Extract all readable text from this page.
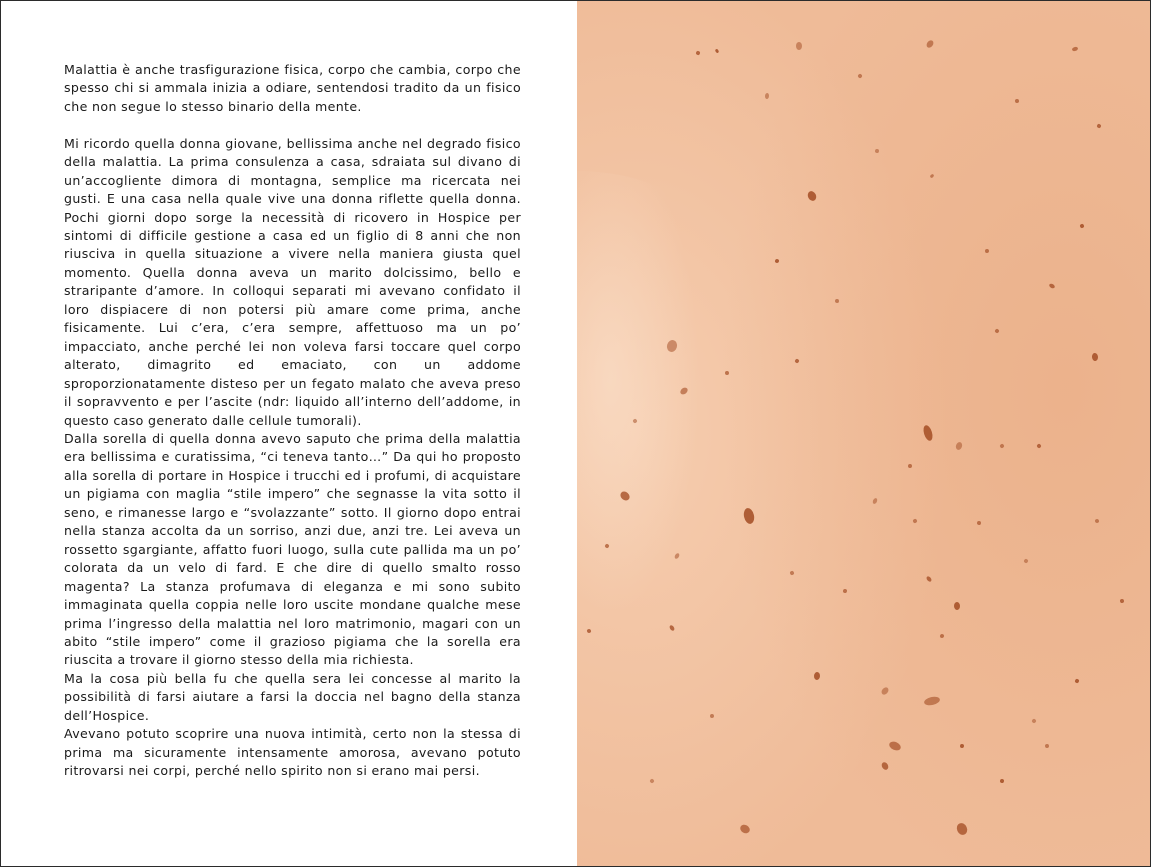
Malattia è anche trasfigurazione fisica, corpo che cambia, corpo che spesso chi si ammala inizia a odiare, sentendosi tradito da un fisico che non segue lo stesso binario della mente.

Mi ricordo quella donna giovane, bellissima anche nel degrado fisico della malattia. La prima consulenza a casa, sdraiata sul divano di un’accogliente dimora di montagna, semplice ma ricercata nei gusti. E una casa nella quale vive una donna riflette quella donna. Pochi giorni dopo sorge la necessità di ricovero in Hospice per sintomi di difficile gestione a casa ed un figlio di 8 anni che non riusciva in quella situazione a vivere nella maniera giusta quel momento. Quella donna aveva un marito dolcissimo, bello e straripante d’amore. In colloqui separati mi avevano confidato il loro dispiacere di non potersi più amare come prima, anche fisicamente. Lui c’era, c’era sempre, affettuoso ma un po’ impacciato, anche perché lei non voleva farsi toccare quel corpo alterato, dimagrito ed emaciato, con un addome sproporzionatamente disteso per un fegato malato che aveva preso il sopravvento e per l’ascite (ndr: liquido all’interno dell’addome, in questo caso generato dalle cellule tumorali).

Dalla sorella di quella donna avevo saputo che prima della malattia era bellissima e curatissima, “ci teneva tanto…” Da qui ho proposto alla sorella di portare in Hospice i trucchi ed i profumi, di acquistare un pigiama con maglia “stile impero” che segnasse la vita sotto il seno, e rimanesse largo e “svolazzante” sotto. Il giorno dopo entrai nella stanza accolta da un sorriso, anzi due, anzi tre. Lei aveva un rossetto sgargiante, affatto fuori luogo, sulla cute pallida ma un po’ colorata da un velo di fard. E che dire di quello smalto rosso magenta? La stanza profumava di eleganza e mi sono subito immaginata quella coppia nelle loro uscite mondane qualche mese prima l’ingresso della malattia nel loro matrimonio, magari con un abito “stile impero” come il grazioso pigiama che la sorella era riuscita a trovare il giorno stesso della mia richiesta.

Ma la cosa più bella fu che quella sera lei concesse al marito la possibilità di farsi aiutare a farsi la doccia nel bagno della stanza dell’Hospice.

Avevano potuto scoprire una nuova intimità, certo non la stessa di prima ma sicuramente intensamente amorosa, avevano potuto ritrovarsi nei corpi, perché nello spirito non si erano mai persi.
